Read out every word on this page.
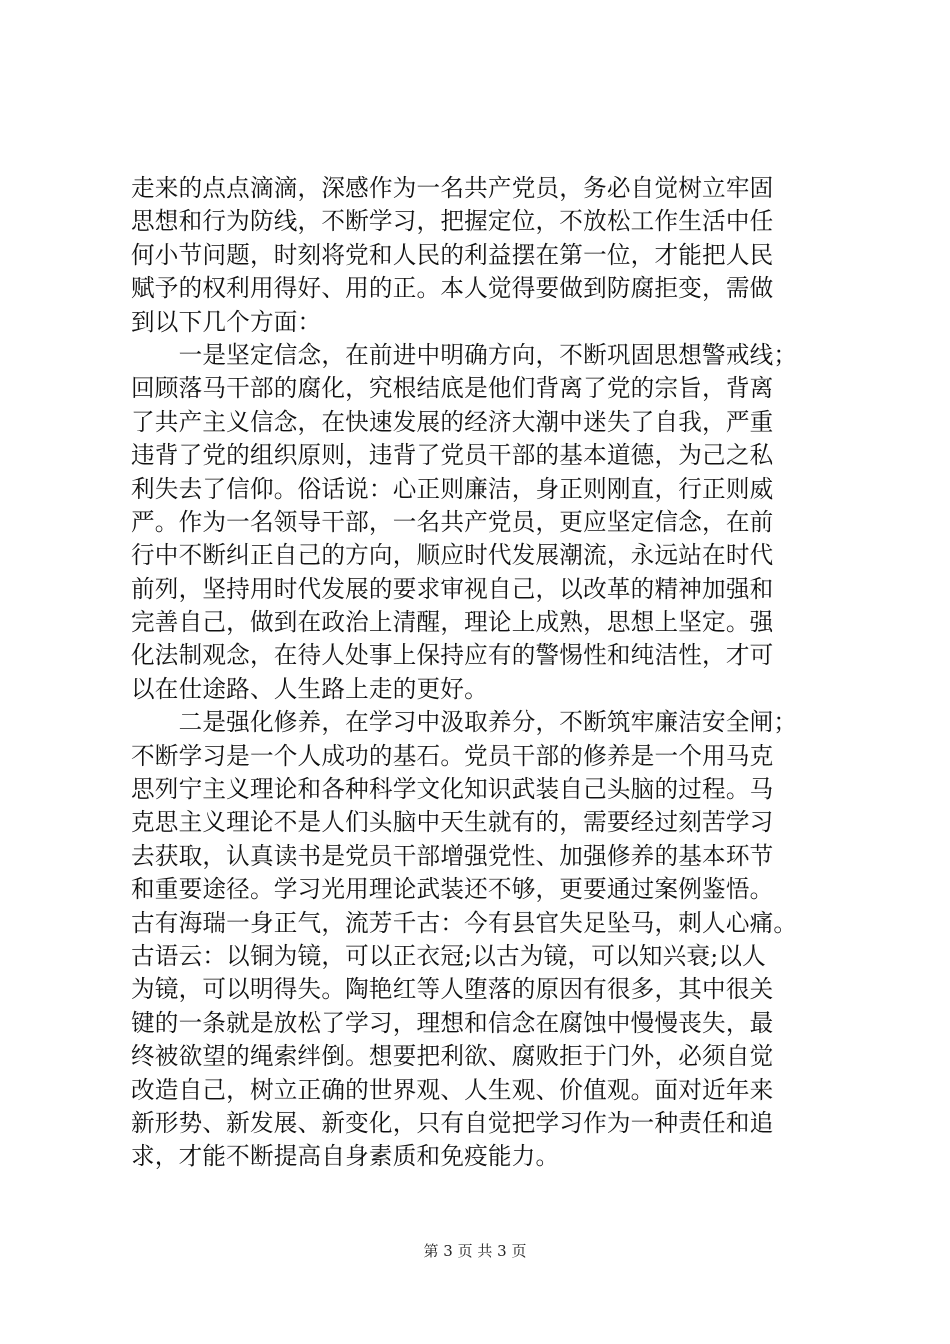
走来的点点滴滴，深感作为一名共产党员，务必自觉树立牢固
思想和行为防线，不断学习，把握定位，不放松工作生活中任
何小节问题，时刻将党和人民的利益摆在第一位，才能把人民
赋予的权利用得好、用的正。本人觉得要做到防腐拒变，需做
到以下几个方面：
　　一是坚定信念，在前进中明确方向，不断巩固思想警戒线；
回顾落马干部的腐化，究根结底是他们背离了党的宗旨，背离
了共产主义信念，在快速发展的经济大潮中迷失了自我，严重
违背了党的组织原则，违背了党员干部的基本道德，为己之私
利失去了信仰。俗话说：心正则廉洁，身正则刚直，行正则威
严。作为一名领导干部，一名共产党员，更应坚定信念，在前
行中不断纠正自己的方向，顺应时代发展潮流，永远站在时代
前列，坚持用时代发展的要求审视自己，以改革的精神加强和
完善自己，做到在政治上清醒，理论上成熟，思想上坚定。强
化法制观念，在待人处事上保持应有的警惕性和纯洁性，才可
以在仕途路、人生路上走的更好。
　　二是强化修养，在学习中汲取养分，不断筑牢廉洁安全闸；
不断学习是一个人成功的基石。党员干部的修养是一个用马克
思列宁主义理论和各种科学文化知识武装自己头脑的过程。马
克思主义理论不是人们头脑中天生就有的，需要经过刻苦学习
去获取，认真读书是党员干部增强党性、加强修养的基本环节
和重要途径。学习光用理论武装还不够，更要通过案例鉴悟。
古有海瑞一身正气，流芳千古：今有县官失足坠马，刺人心痛。
古语云：以铜为镜，可以正衣冠;以古为镜，可以知兴衰;以人
为镜，可以明得失。陶艳红等人堕落的原因有很多，其中很关
键的一条就是放松了学习，理想和信念在腐蚀中慢慢丧失，最
终被欲望的绳索绊倒。想要把利欲、腐败拒于门外，必须自觉
改造自己，树立正确的世界观、人生观、价值观。面对近年来
新形势、新发展、新变化，只有自觉把学习作为一种责任和追
求，才能不断提高自身素质和免疫能力。
第 3 页 共 3 页
